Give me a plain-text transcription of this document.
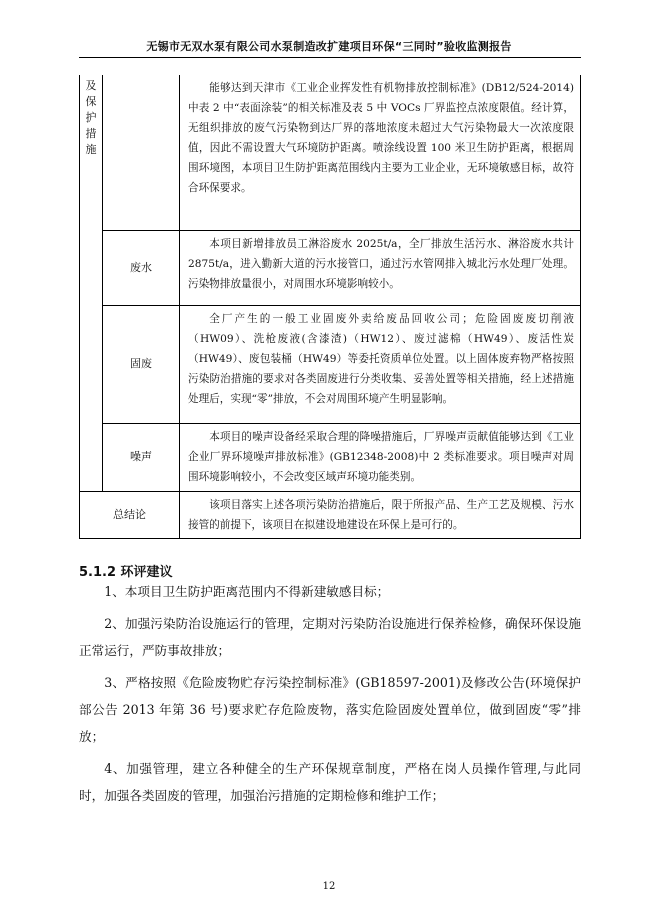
无锡市无双水泵有限公司水泵制造改扩建项目环保“三同时”验收监测报告
及保护措施		能够达到天津市《工业企业挥发性有机物排放控制标准》(DB12/524-2014)中表 2 中“表面涂装”的相关标准及表 5 中 VOCs 厂界监控点浓度限值。经计算，无组织排放的废气污染物到达厂界的落地浓度未超过大气污染物最大一次浓度限值，因此不需设置大气环境防护距离。喷涂线设置 100 米卫生防护距离，根据周围环境图，本项目卫生防护距离范围线内主要为工业企业，无环境敏感目标，故符合环保要求。

	废水	本项目新增排放员工淋浴废水 2025t/a，全厂排放生活污水、淋浴废水共计 2875t/a，进入勤新大道的污水接管口，通过污水管网排入城北污水处理厂处理。污染物排放量很小，对周围水环境影响较小。

	固废	全厂产生的一般工业固废外卖给废品回收公司；危险固废废切削液（HW09）、洗枪废液(含漆渣)（HW12）、废过滤棉（HW49）、废活性炭（HW49）、废包装桶（HW49）等委托资质单位处置。以上固体废弃物严格按照污染防治措施的要求对各类固废进行分类收集、妥善处置等相关措施，经上述措施处理后，实现“零”排放，不会对周围环境产生明显影响。

	噪声	本项目的噪声设备经采取合理的降噪措施后，厂界噪声贡献值能够达到《工业企业厂界环境噪声排放标准》(GB12348-2008)中 2 类标准要求。项目噪声对周围环境影响较小，不会改变区域声环境功能类别。

总结论		该项目落实上述各项污染防治措施后，限于所报产品、生产工艺及规模、污水接管的前提下，该项目在拟建设地建设在环保上是可行的。

5.1.2 环评建议

1、本项目卫生防护距离范围内不得新建敏感目标；

2、加强污染防治设施运行的管理，定期对污染防治设施进行保养检修，确保环保设施正常运行，严防事故排放；

3、严格按照《危险废物贮存污染控制标准》(GB18597-2001)及修改公告(环境保护部公告 2013 年第 36 号)要求贮存危险废物，落实危险固废处置单位，做到固废“零”排放；

4、加强管理，建立各种健全的生产环保规章制度，严格在岗人员操作管理,与此同时，加强各类固废的管理，加强治污措施的定期检修和维护工作；

12
